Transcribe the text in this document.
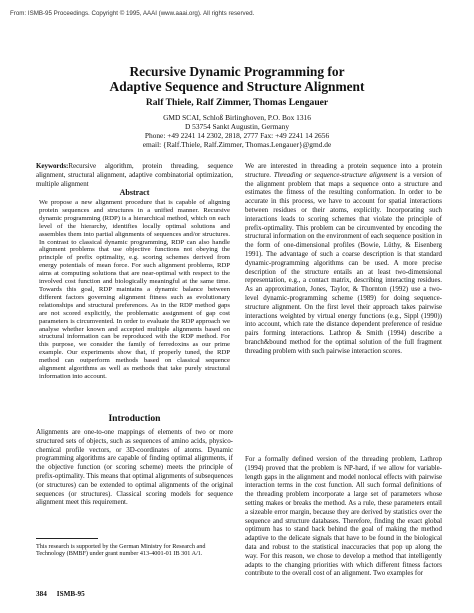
From: ISMB-95 Proceedings. Copyright © 1995, AAAI (www.aaai.org). All rights reserved.
Recursive Dynamic Programming for
Adaptive Sequence and Structure Alignment
Ralf Thiele, Ralf Zimmer, Thomas Lengauer
GMD SCAI, Schloß Birlinghoven, P.O. Box 1316
D 53754 Sankt Augustin, Germany
Phone: +49 2241 14 2302, 2818, 2777 Fax: +49 2241 14 2656
email: {Ralf.Thiele, Ralf.Zimmer, Thomas.Lengauer}@gmd.de
Keywords:Recursive algorithm, protein threading, sequence alignment, structural alignment, adaptive combinatorial optimization, multiple alignment
Abstract
We propose a new alignment procedure that is capable of aligning protein sequences and structures in a unified manner. Recursive dynamic programming (RDP) is a hierarchical method, which on each level of the hierarchy, identifies locally optimal solutions and assembles them into partial alignments of sequences and/or structures. In contrast to classical dynamic programming, RDP can also handle alignment problems that use objective functions not obeying the principle of prefix optimality, e.g. scoring schemes derived from energy potentials of mean force. For such alignment problems, RDP aims at computing solutions that are near-optimal with respect to the involved cost function and biologically meaningful at the same time. Towards this goal, RDP maintains a dynamic balance between different factors governing alignment fitness such as evolutionary relationships and structural preferences. As in the RDP method gaps are not scored explicitly, the problematic assignment of gap cost parameters is circumvented. In order to evaluate the RDP approach we analyse whether known and accepted multiple alignments based on structural information can be reproduced with the RDP method. For this purpose, we consider the family of ferredoxins as our prime example. Our experiments show that, if properly tuned, the RDP method can outperform methods based on classical sequence alignment algorithms as well as methods that take purely structural information into account.
Introduction
Alignments are one-to-one mappings of elements of two or more structured sets of objects, such as sequences of amino acids, physico-chemical profile vectors, or 3D-coordinates of atoms. Dynamic programming algorithms are capable of finding optimal alignments, if the objective function (or scoring scheme) meets the principle of prefix-optimality. This means that optimal alignments of subsequences (or structures) can be extended to optimal alignments of the original sequences (or structures). Classical scoring models for sequence alignment meet this requirement.
This research is supported by the German Ministry for Research and Technology (BMBF) under grant number 413-4001-01 IB 301 A/1.
384 ISMB-95
We are interested in threading a protein sequence into a protein structure. Threading or sequence-structure alignment is a version of the alignment problem that maps a sequence onto a structure and estimates the fitness of the resulting conformation. In order to be accurate in this process, we have to account for spatial interactions between residues or their atoms, explicitly. Incorporating such interactions leads to scoring schemes that violate the principle of prefix-optimality. This problem can be circumvented by encoding the structural information on the environment of each sequence position in the form of one-dimensional profiles (Bowie, Lüthy, & Eisenberg 1991). The advantage of such a coarse description is that standard dynamic-programming algorithms can be used. A more precise description of the structure entails an at least two-dimensional representation, e.g., a contact matrix, describing interacting residues. As an approximation, Jones, Taylor, & Thornton (1992) use a two-level dynamic-programming scheme (1989) for doing sequence-structure alignment. On the first level their approach takes pairwise interactions weighted by virtual energy functions (e.g., Sippl (1990)) into account, which rate the distance dependent preference of residue pairs forming interactions. Lathrop & Smith (1994) describe a branch&bound method for the optimal solution of the full fragment threading problem with such pairwise interaction scores.
For a formally defined version of the threading problem, Lathrop (1994) proved that the problem is NP-hard, if we allow for variable-length gaps in the alignment and model nonlocal effects with pairwise interaction terms in the cost function. All such formal definitions of the threading problem incorporate a large set of parameters whose setting makes or breaks the method. As a rule, these parameters entail a sizeable error margin, because they are derived by statistics over the sequence and structure databases. Therefore, finding the exact global optimum has to stand back behind the goal of making the method adaptive to the delicate signals that have to be found in the biological data and robust to the statistical inaccuracies that pop up along the way. For this reason, we chose to develop a method that intelligently adapts to the changing priorities with which different fitness factors contribute to the overall cost of an alignment. Two examples for
